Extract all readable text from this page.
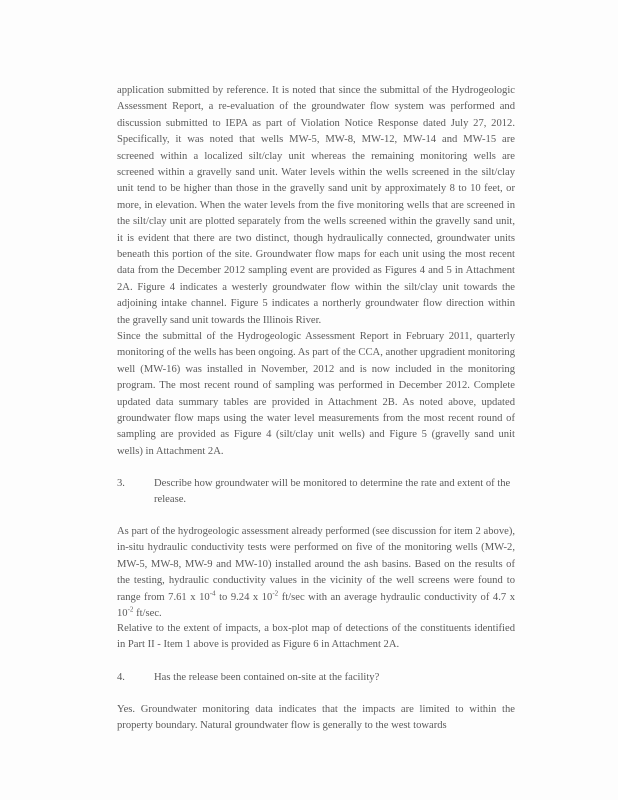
application submitted by reference. It is noted that since the submittal of the Hydrogeologic Assessment Report, a re-evaluation of the groundwater flow system was performed and discussion submitted to IEPA as part of Violation Notice Response dated July 27, 2012. Specifically, it was noted that wells MW-5, MW-8, MW-12, MW-14 and MW-15 are screened within a localized silt/clay unit whereas the remaining monitoring wells are screened within a gravelly sand unit. Water levels within the wells screened in the silt/clay unit tend to be higher than those in the gravelly sand unit by approximately 8 to 10 feet, or more, in elevation. When the water levels from the five monitoring wells that are screened in the silt/clay unit are plotted separately from the wells screened within the gravelly sand unit, it is evident that there are two distinct, though hydraulically connected, groundwater units beneath this portion of the site. Groundwater flow maps for each unit using the most recent data from the December 2012 sampling event are provided as Figures 4 and 5 in Attachment 2A. Figure 4 indicates a westerly groundwater flow within the silt/clay unit towards the adjoining intake channel. Figure 5 indicates a northerly groundwater flow direction within the gravelly sand unit towards the Illinois River.

Since the submittal of the Hydrogeologic Assessment Report in February 2011, quarterly monitoring of the wells has been ongoing. As part of the CCA, another upgradient monitoring well (MW-16) was installed in November, 2012 and is now included in the monitoring program. The most recent round of sampling was performed in December 2012. Complete updated data summary tables are provided in Attachment 2B. As noted above, updated groundwater flow maps using the water level measurements from the most recent round of sampling are provided as Figure 4 (silt/clay unit wells) and Figure 5 (gravelly sand unit wells) in Attachment 2A.

3.	Describe how groundwater will be monitored to determine the rate and extent of the release.

As part of the hydrogeologic assessment already performed (see discussion for item 2 above), in-situ hydraulic conductivity tests were performed on five of the monitoring wells (MW-2, MW-5, MW-8, MW-9 and MW-10) installed around the ash basins. Based on the results of the testing, hydraulic conductivity values in the vicinity of the well screens were found to range from 7.61 x $10^{-4}$ to 9.24 x $10^{-2}$ ft/sec with an average hydraulic conductivity of 4.7 x $10^{-2}$ ft/sec.

Relative to the extent of impacts, a box-plot map of detections of the constituents identified in Part II - Item 1 above is provided as Figure 6 in Attachment 2A.

4.	Has the release been contained on-site at the facility?

Yes. Groundwater monitoring data indicates that the impacts are limited to within the property boundary. Natural groundwater flow is generally to the west towards
